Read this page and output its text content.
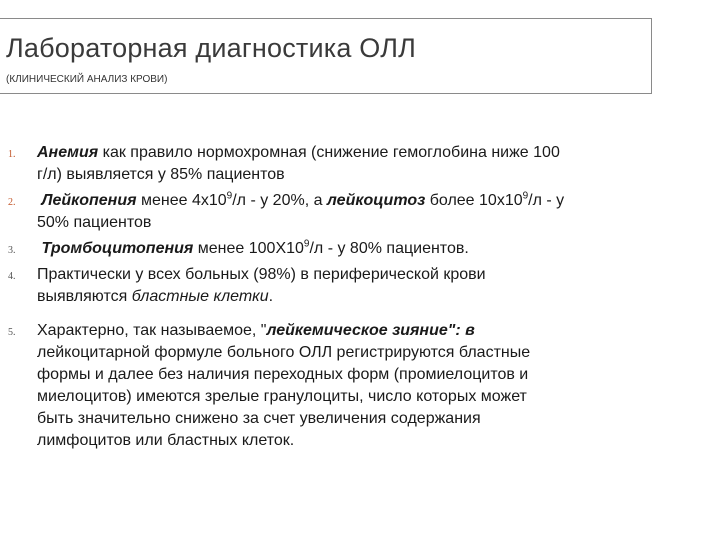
Лабораторная диагностика ОЛЛ
(КЛИНИЧЕСКИЙ АНАЛИЗ КРОВИ)
1. Анемия как правило нормохромная (снижение гемоглобина ниже 100
г/л) выявляется у 85% пациентов
2. Лейкопения менее $4х10^9/л$ - у 20%, а лейкоцитоз более $10х10^9/л$ - у
50% пациентов
3. Тромбоцитопения менее $100Х10^9/л$ - у 80% пациентов.
4. Практически у всех больных (98%) в периферической крови
выявляются бластные клетки.
5. Характерно, так называемое, "лейкемическое зияние": в
лейкоцитарной формуле больного ОЛЛ регистрируются бластные
формы и далее без наличия переходных форм (промиелоцитов и
миелоцитов) имеются зрелые гранулоциты, число которых может
быть значительно снижено за счет увеличения содержания
лимфоцитов или бластных клеток.
